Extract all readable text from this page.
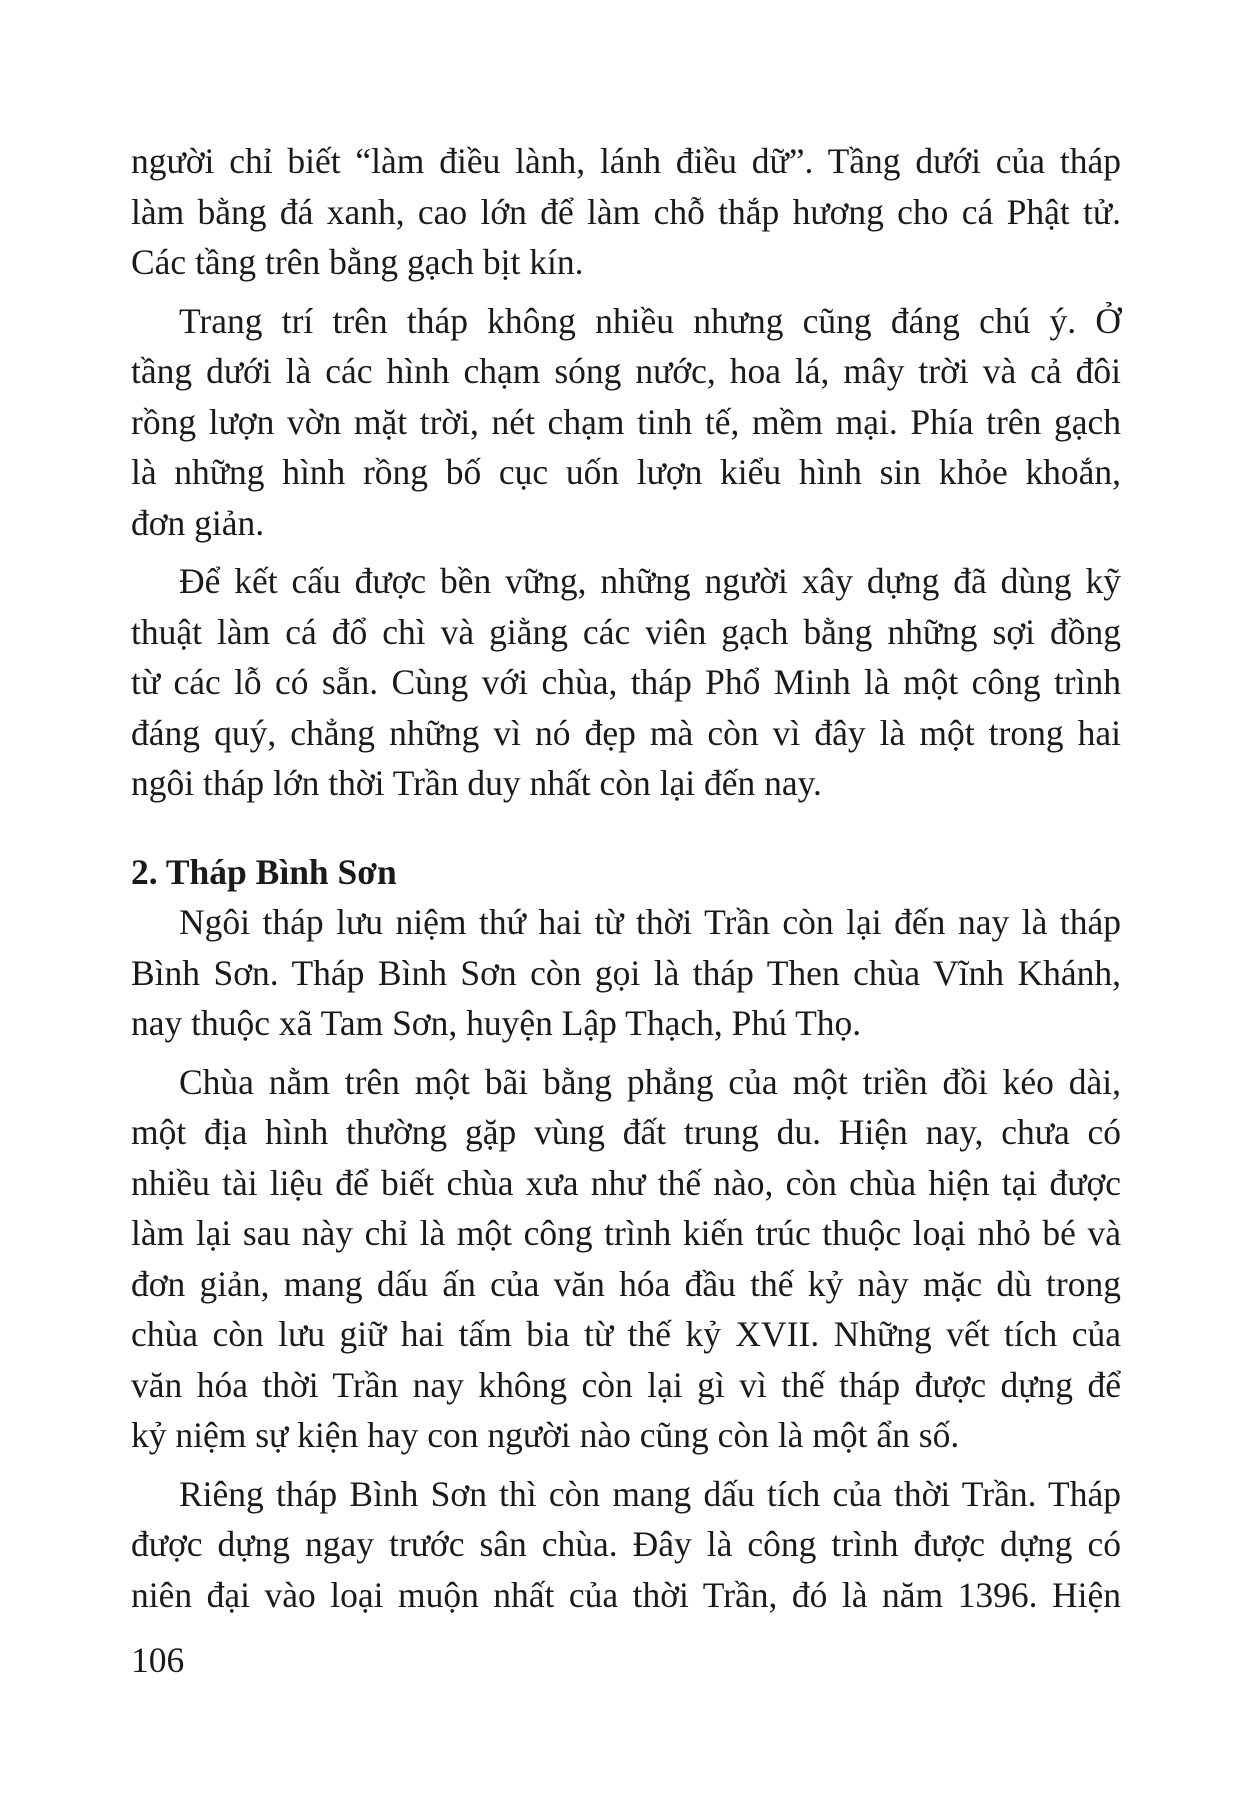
người chỉ biết “làm điều lành, lánh điều dữ”. Tầng dưới của tháp
làm bằng đá xanh, cao lớn để làm chỗ thắp hương cho cá Phật tử.
Các tầng trên bằng gạch bịt kín.

Trang trí trên tháp không nhiều nhưng cũng đáng chú ý. Ở
tầng dưới là các hình chạm sóng nước, hoa lá, mây trời và cả đôi
rồng lượn vờn mặt trời, nét chạm tinh tế, mềm mại. Phía trên gạch
là những hình rồng bố cục uốn lượn kiểu hình sin khỏe khoắn,
đơn giản.

Để kết cấu được bền vững, những người xây dựng đã dùng kỹ
thuật làm cá đổ chì và giằng các viên gạch bằng những sợi đồng
từ các lỗ có sẵn. Cùng với chùa, tháp Phổ Minh là một công trình
đáng quý, chẳng những vì nó đẹp mà còn vì đây là một trong hai
ngôi tháp lớn thời Trần duy nhất còn lại đến nay.

2. Tháp Bình Sơn

Ngôi tháp lưu niệm thứ hai từ thời Trần còn lại đến nay là tháp
Bình Sơn. Tháp Bình Sơn còn gọi là tháp Then chùa Vĩnh Khánh,
nay thuộc xã Tam Sơn, huyện Lập Thạch, Phú Thọ.

Chùa nằm trên một bãi bằng phẳng của một triền đồi kéo dài,
một địa hình thường gặp vùng đất trung du. Hiện nay, chưa có
nhiều tài liệu để biết chùa xưa như thế nào, còn chùa hiện tại được
làm lại sau này chỉ là một công trình kiến trúc thuộc loại nhỏ bé và
đơn giản, mang dấu ấn của văn hóa đầu thế kỷ này mặc dù trong
chùa còn lưu giữ hai tấm bia từ thế kỷ XVII. Những vết tích của
văn hóa thời Trần nay không còn lại gì vì thế tháp được dựng để
kỷ niệm sự kiện hay con người nào cũng còn là một ẩn số.

Riêng tháp Bình Sơn thì còn mang dấu tích của thời Trần. Tháp
được dựng ngay trước sân chùa. Đây là công trình được dựng có
niên đại vào loại muộn nhất của thời Trần, đó là năm 1396. Hiện

106
